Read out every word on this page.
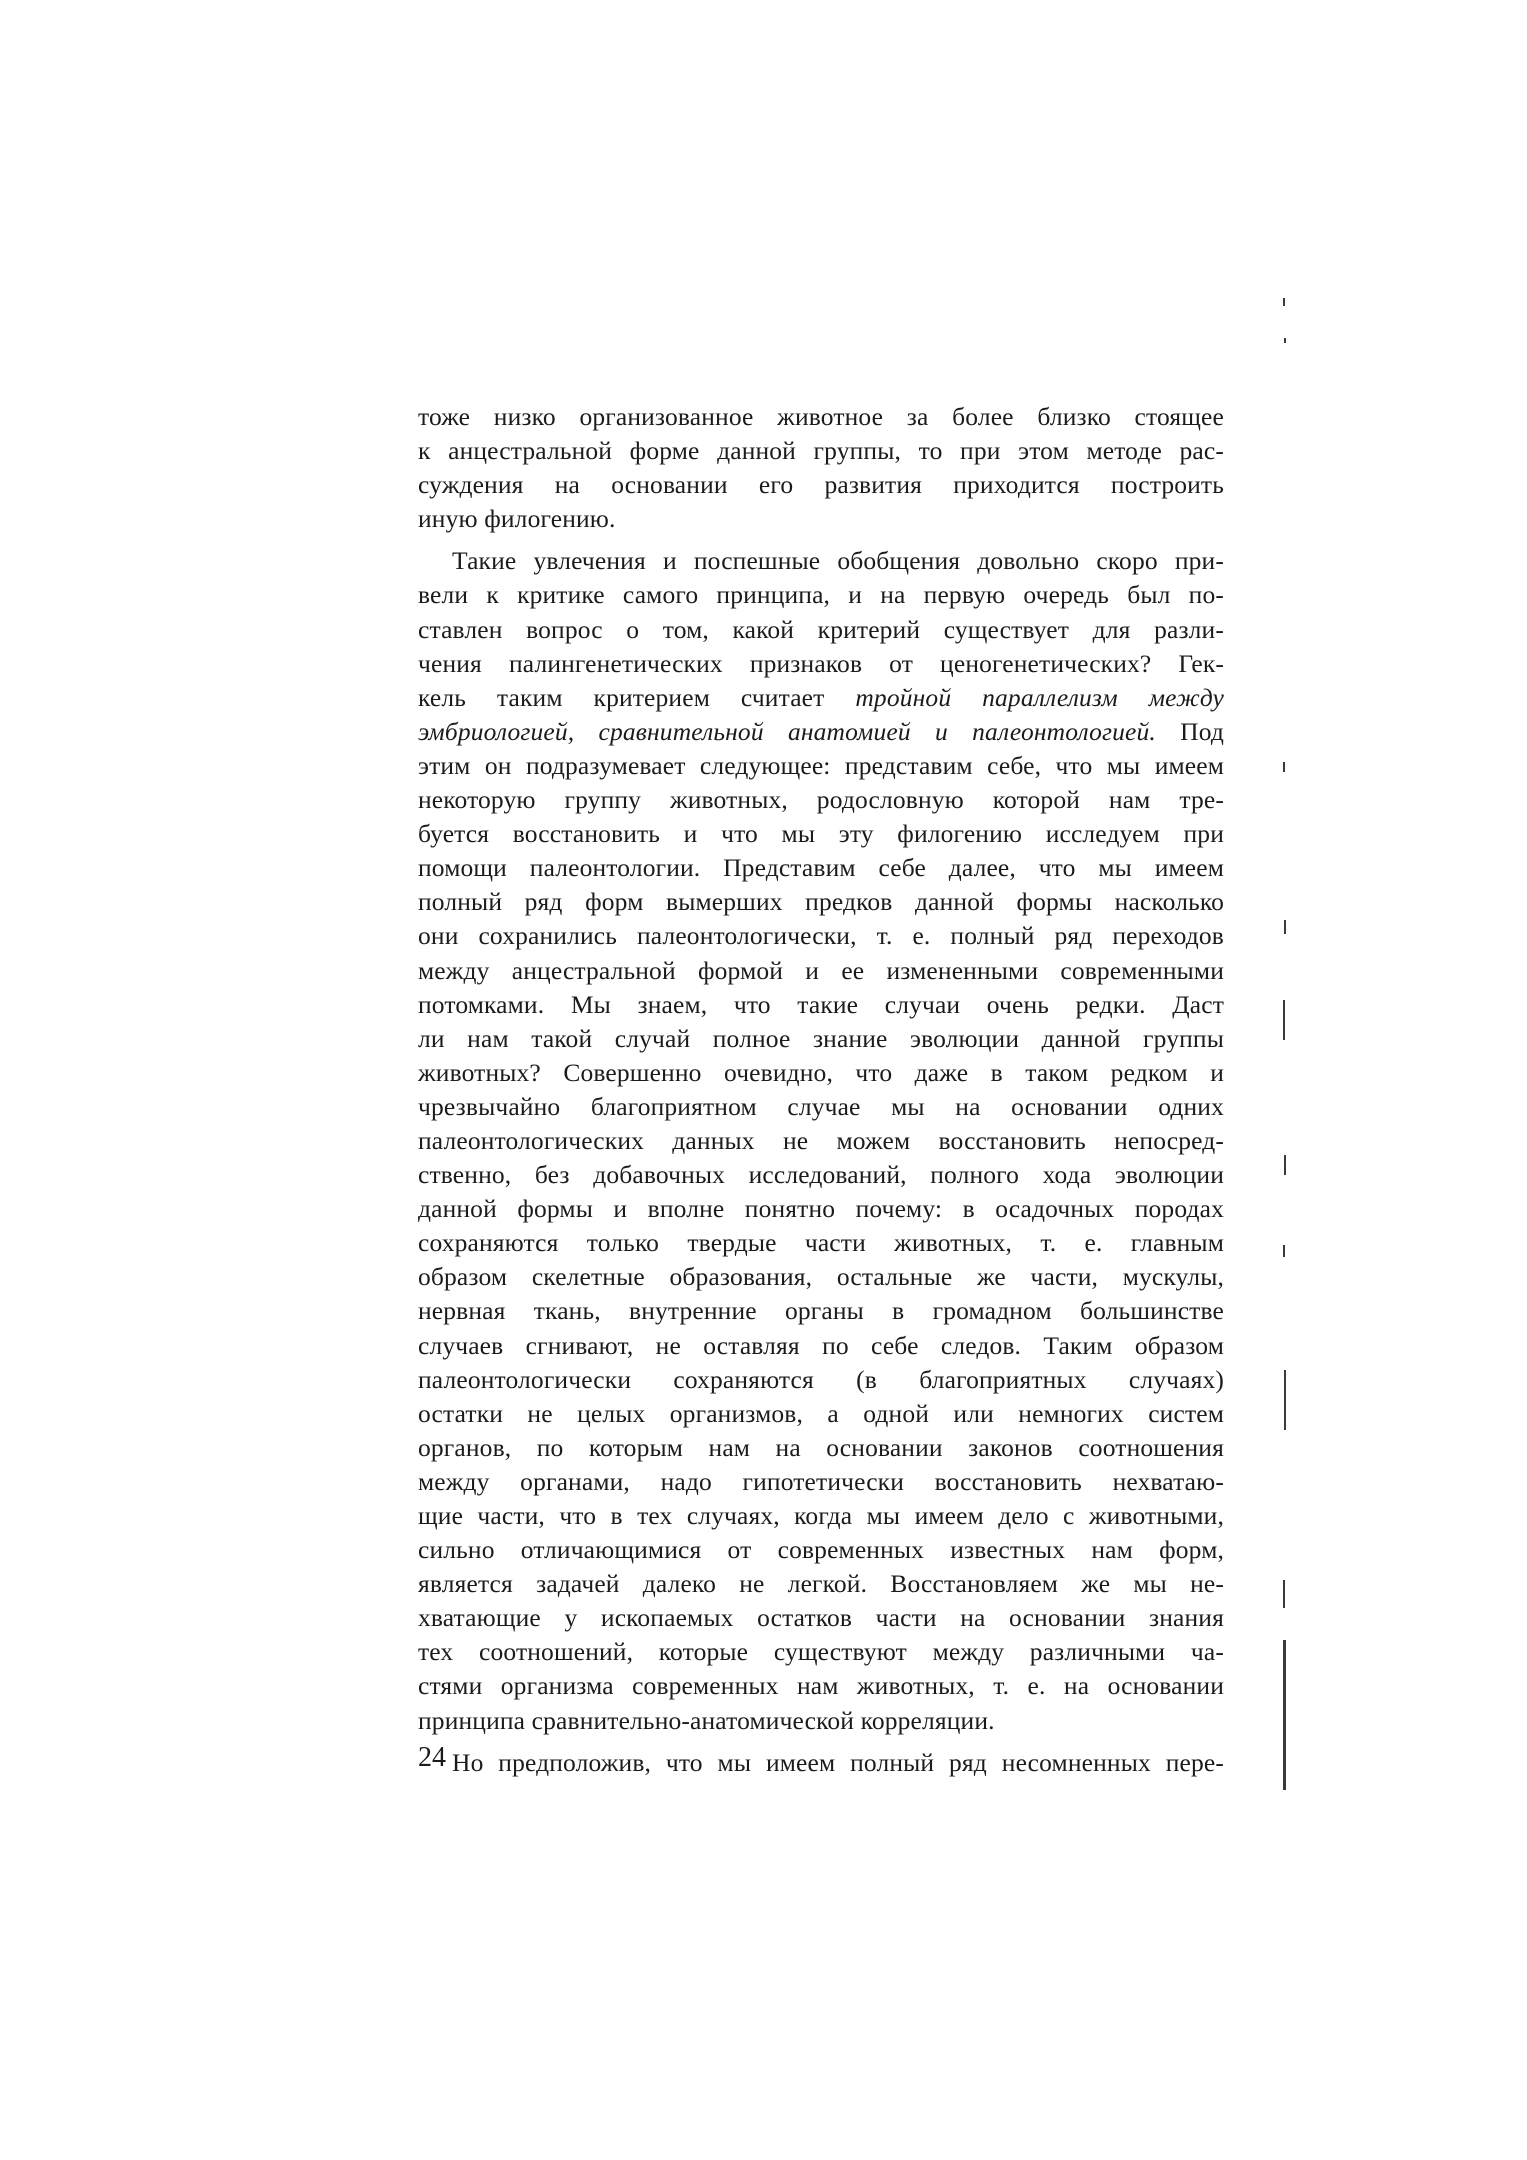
тоже низко организованное животное за более близко стоящее
к анцестральной форме данной группы, то при этом методе рас-
суждения на основании его развития приходится построить
иную филогению.
Такие увлечения и поспешные обобщения довольно скоро при-
вели к критике самого принципа, и на первую очередь был по-
ставлен вопрос о том, какой критерий существует для разли-
чения палингенетических признаков от ценогенетических? Гек-
кель таким критерием считает тройной параллелизм между
эмбриологией, сравнительной анатомией и палеонтологией. Под
этим он подразумевает следующее: представим себе, что мы имеем
некоторую группу животных, родословную которой нам тре-
буется восстановить и что мы эту филогению исследуем при
помощи палеонтологии. Представим себе далее, что мы имеем
полный ряд форм вымерших предков данной формы насколько
они сохранились палеонтологически, т. е. полный ряд переходов
между анцестральной формой и ее измененными современными
потомками. Мы знаем, что такие случаи очень редки. Даст
ли нам такой случай полное знание эволюции данной группы
животных? Совершенно очевидно, что даже в таком редком и
чрезвычайно благоприятном случае мы на основании одних
палеонтологических данных не можем восстановить непосред-
ственно, без добавочных исследований, полного хода эволюции
данной формы и вполне понятно почему: в осадочных породах
сохраняются только твердые части животных, т. е. главным
образом скелетные образования, остальные же части, мускулы,
нервная ткань, внутренние органы в громадном большинстве
случаев сгнивают, не оставляя по себе следов. Таким образом
палеонтологически сохраняются (в благоприятных случаях)
остатки не целых организмов, а одной или немногих систем
органов, по которым нам на основании законов соотношения
между органами, надо гипотетически восстановить нехватаю-
щие части, что в тех случаях, когда мы имеем дело с животными,
сильно отличающимися от современных известных нам форм,
является задачей далеко не легкой. Восстановляем же мы не-
хватающие у ископаемых остатков части на основании знания
тех соотношений, которые существуют между различными ча-
стями организма современных нам животных, т. е. на основании
принципа сравнительно-анатомической корреляции.
Но предположив, что мы имеем полный ряд несомненных пере-
24
